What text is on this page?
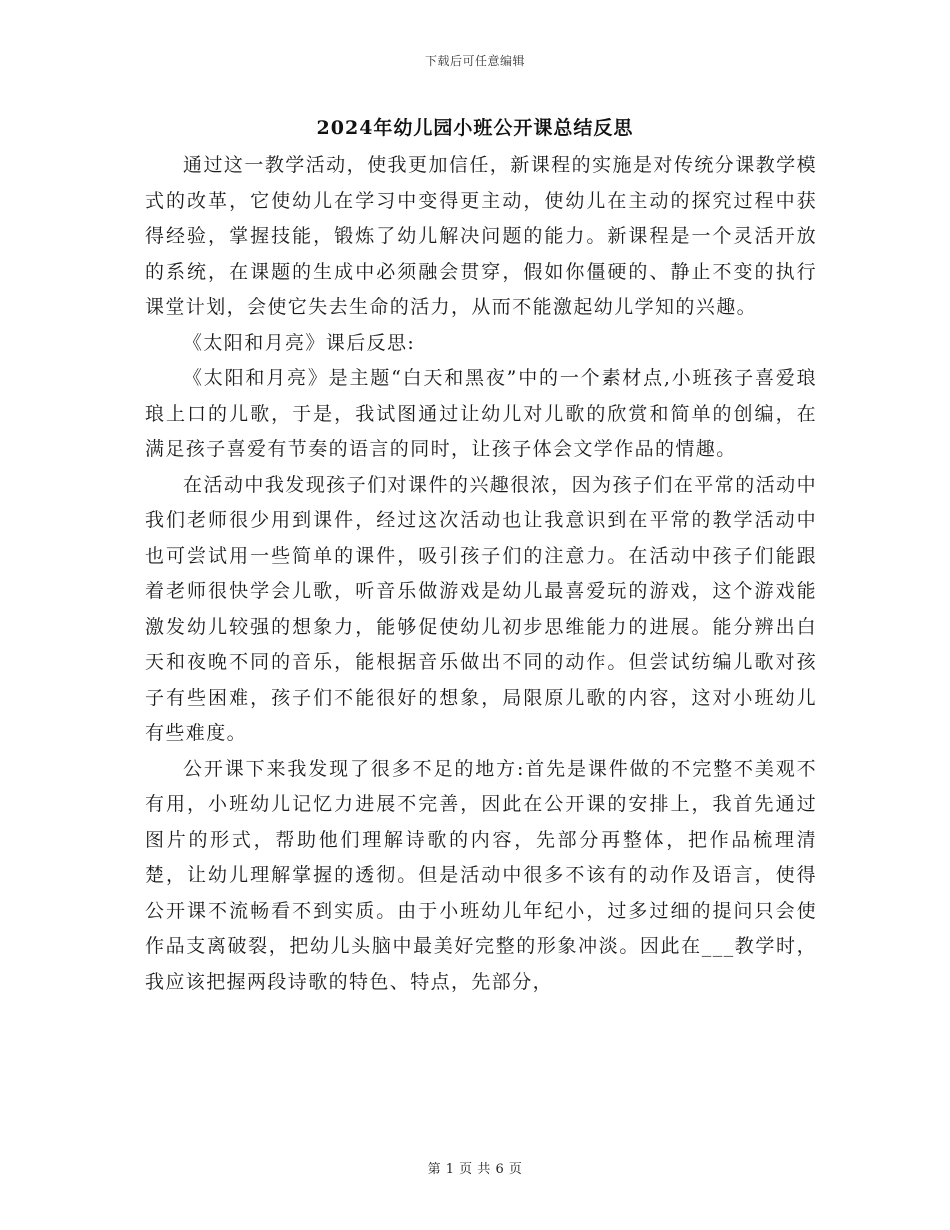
下载后可任意编辑
2024年幼儿园小班公开课总结反思

通过这一教学活动，使我更加信任，新课程的实施是对传统分课教学模式的改革，它使幼儿在学习中变得更主动，使幼儿在主动的探究过程中获得经验，掌握技能，锻炼了幼儿解决问题的能力。新课程是一个灵活开放的系统，在课题的生成中必须融会贯穿，假如你僵硬的、静止不变的执行课堂计划，会使它失去生命的活力，从而不能激起幼儿学知的兴趣。

《太阳和月亮》课后反思:

《太阳和月亮》是主题“白天和黑夜”中的一个素材点,小班孩子喜爱琅琅上口的儿歌，于是，我试图通过让幼儿对儿歌的欣赏和简单的创编，在满足孩子喜爱有节奏的语言的同时，让孩子体会文学作品的情趣。

在活动中我发现孩子们对课件的兴趣很浓，因为孩子们在平常的活动中我们老师很少用到课件，经过这次活动也让我意识到在平常的教学活动中也可尝试用一些简单的课件，吸引孩子们的注意力。在活动中孩子们能跟着老师很快学会儿歌，听音乐做游戏是幼儿最喜爱玩的游戏，这个游戏能激发幼儿较强的想象力，能够促使幼儿初步思维能力的进展。能分辨出白天和夜晚不同的音乐，能根据音乐做出不同的动作。但尝试纺编儿歌对孩子有些困难，孩子们不能很好的想象，局限原儿歌的内容，这对小班幼儿有些难度。

公开课下来我发现了很多不足的地方:首先是课件做的不完整不美观不有用，小班幼儿记忆力进展不完善，因此在公开课的安排上，我首先通过图片的形式，帮助他们理解诗歌的内容，先部分再整体，把作品梳理清楚，让幼儿理解掌握的透彻。但是活动中很多不该有的动作及语言，使得公开课不流畅看不到实质。由于小班幼儿年纪小，过多过细的提问只会使作品支离破裂，把幼儿头脑中最美好完整的形象冲淡。因此在___教学时，我应该把握两段诗歌的特色、特点，先部分，

第 1 页 共 6 页
